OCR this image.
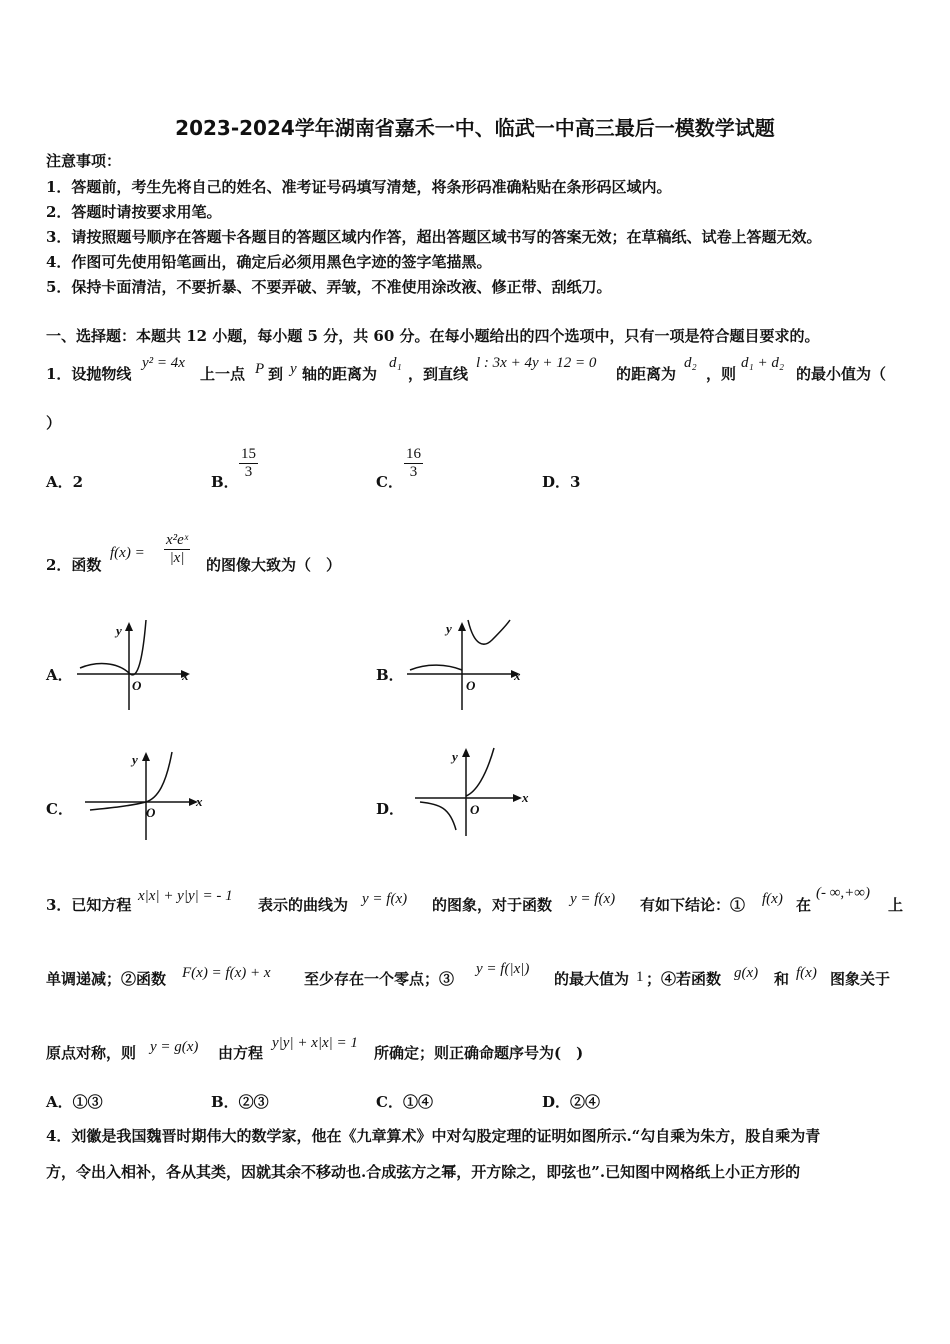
2023-2024学年湖南省嘉禾一中、临武一中高三最后一模数学试题
注意事项：
1．答题前，考生先将自己的姓名、准考证号码填写清楚，将条形码准确粘贴在条形码区域内。
2．答题时请按要求用笔。
3．请按照题号顺序在答题卡各题目的答题区域内作答，超出答题区域书写的答案无效；在草稿纸、试卷上答题无效。
4．作图可先使用铅笔画出，确定后必须用黑色字迹的签字笔描黑。
5．保持卡面清洁，不要折暴、不要弄破、弄皱，不准使用涂改液、修正带、刮纸刀。
一、选择题：本题共 12 小题，每小题 5 分，共 60 分。在每小题给出的四个选项中，只有一项是符合题目要求的。
1．设抛物线
y² = 4x
上一点 P 到 y 轴的距离为
d₁
，到直线
l : 3x + 4y + 12 = 0
的距离为
d₂
，则
d₁ + d₂
的最小值为（
）
A．2	B．
$\frac{15}{3}$
C．
$\frac{16}{3}$
D．3
2．函数
$f(x) = \frac{\text{x²eˣ}}{|x|}$ 的图像大致为（　）
A．
y
x
O
B．
y
x
O
C．
y
x
O	D．
y
x
O
3．已知方程 x|x| + y|y| = - 1 表示的曲线为 y = f(x) 的图象，对于函数 y = f(x) 有如下结论：① f(x) 在
(- ∞,+∞)
上
单调递减；②函数 F(x) = f(x) + x 至少存在一个零点；③
y = f(|x|)
的最大值为 1 ；④若函数 g(x) 和 f(x) 图象关于
原点对称，则 y = g(x) 由方程
y|y| + x|x| = 1
所确定；则正确命题序号为(　)
A．①③	B．②③	C．①④	D．②④
4．刘徽是我国魏晋时期伟大的数学家，他在《九章算术》中对勾股定理的证明如图所示.“勾自乘为朱方，股自乘为青
方，令出入相补，各从其类，因就其余不移动也.合成弦方之幂，开方除之，即弦也”.已知图中网格纸上小正方形的
